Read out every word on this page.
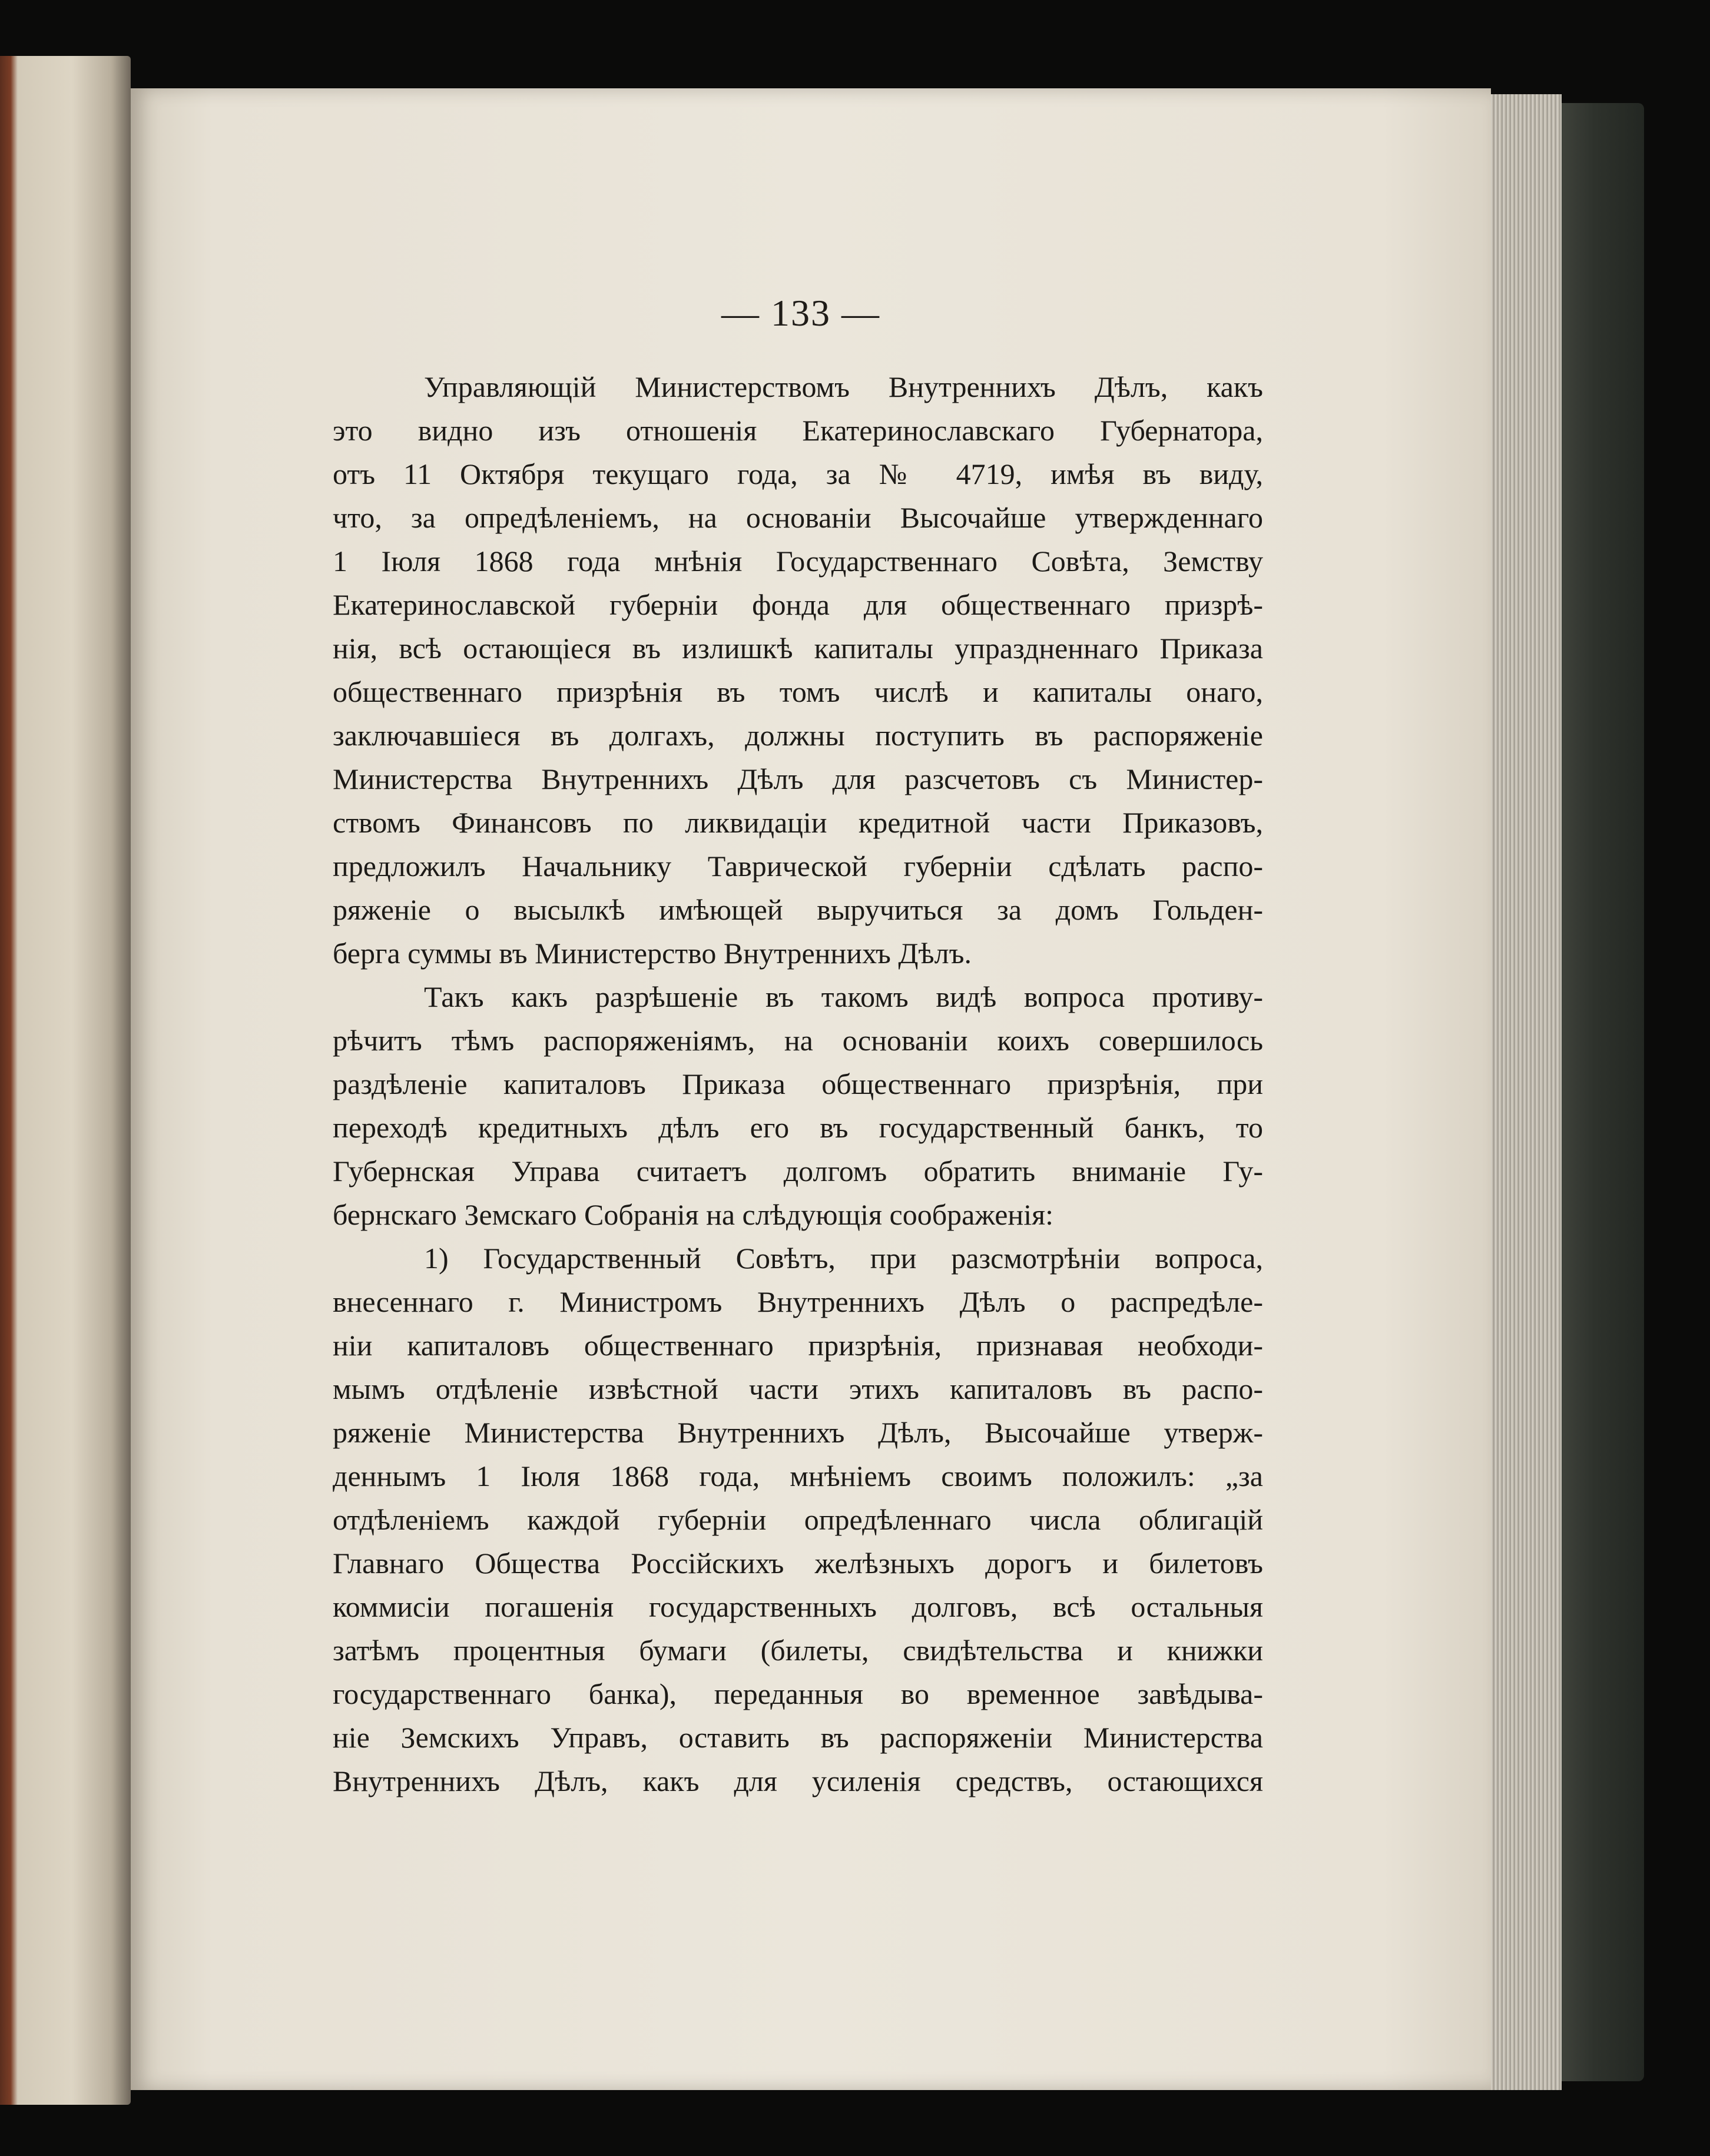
— 133 —
Управляющій Министерствомъ Внутреннихъ Дѣлъ, какъ
это видно изъ отношенія Екатеринославскаго Губернатора,
отъ 11 Октября текущаго года, за № 4719, имѣя въ виду,
что, за опредѣленіемъ, на основаніи Высочайше утвержденнаго
1 Іюля 1868 года мнѣнія Государственнаго Совѣта, Земству
Екатеринославской губерніи фонда для общественнаго призрѣ-
нія, всѣ остающіеся въ излишкѣ капиталы упраздненнаго Приказа
общественнаго призрѣнія въ томъ числѣ и капиталы онаго,
заключавшіеся въ долгахъ, должны поступить въ распоряженіе
Министерства Внутреннихъ Дѣлъ для разсчетовъ съ Министер-
ствомъ Финансовъ по ликвидаціи кредитной части Приказовъ,
предложилъ Начальнику Таврической губерніи сдѣлать распо-
ряженіе о высылкѣ имѣющей выручиться за домъ Гольден-
берга суммы въ Министерство Внутреннихъ Дѣлъ.
Такъ какъ разрѣшеніе въ такомъ видѣ вопроса противу-
рѣчитъ тѣмъ распоряженіямъ, на основаніи коихъ совершилось
раздѣленіе капиталовъ Приказа общественнаго призрѣнія, при
переходѣ кредитныхъ дѣлъ его въ государственный банкъ, то
Губернская Управа считаетъ долгомъ обратить вниманіе Гу-
бернскаго Земскаго Собранія на слѣдующія соображенія:
1) Государственный Совѣтъ, при разсмотрѣніи вопроса,
внесеннаго г. Министромъ Внутреннихъ Дѣлъ о распредѣле-
ніи капиталовъ общественнаго призрѣнія, признавая необходи-
мымъ отдѣленіе извѣстной части этихъ капиталовъ въ распо-
ряженіе Министерства Внутреннихъ Дѣлъ, Высочайше утверж-
деннымъ 1 Іюля 1868 года, мнѣніемъ своимъ положилъ: „за
отдѣленіемъ каждой губерніи опредѣленнаго числа облигацій
Главнаго Общества Россійскихъ желѣзныхъ дорогъ и билетовъ
коммисіи погашенія государственныхъ долговъ, всѣ остальныя
затѣмъ процентныя бумаги (билеты, свидѣтельства и книжки
государственнаго банка), переданныя во временное завѣдыва-
ніе Земскихъ Управъ, оставить въ распоряженіи Министерства
Внутреннихъ Дѣлъ, какъ для усиленія средствъ, остающихся
